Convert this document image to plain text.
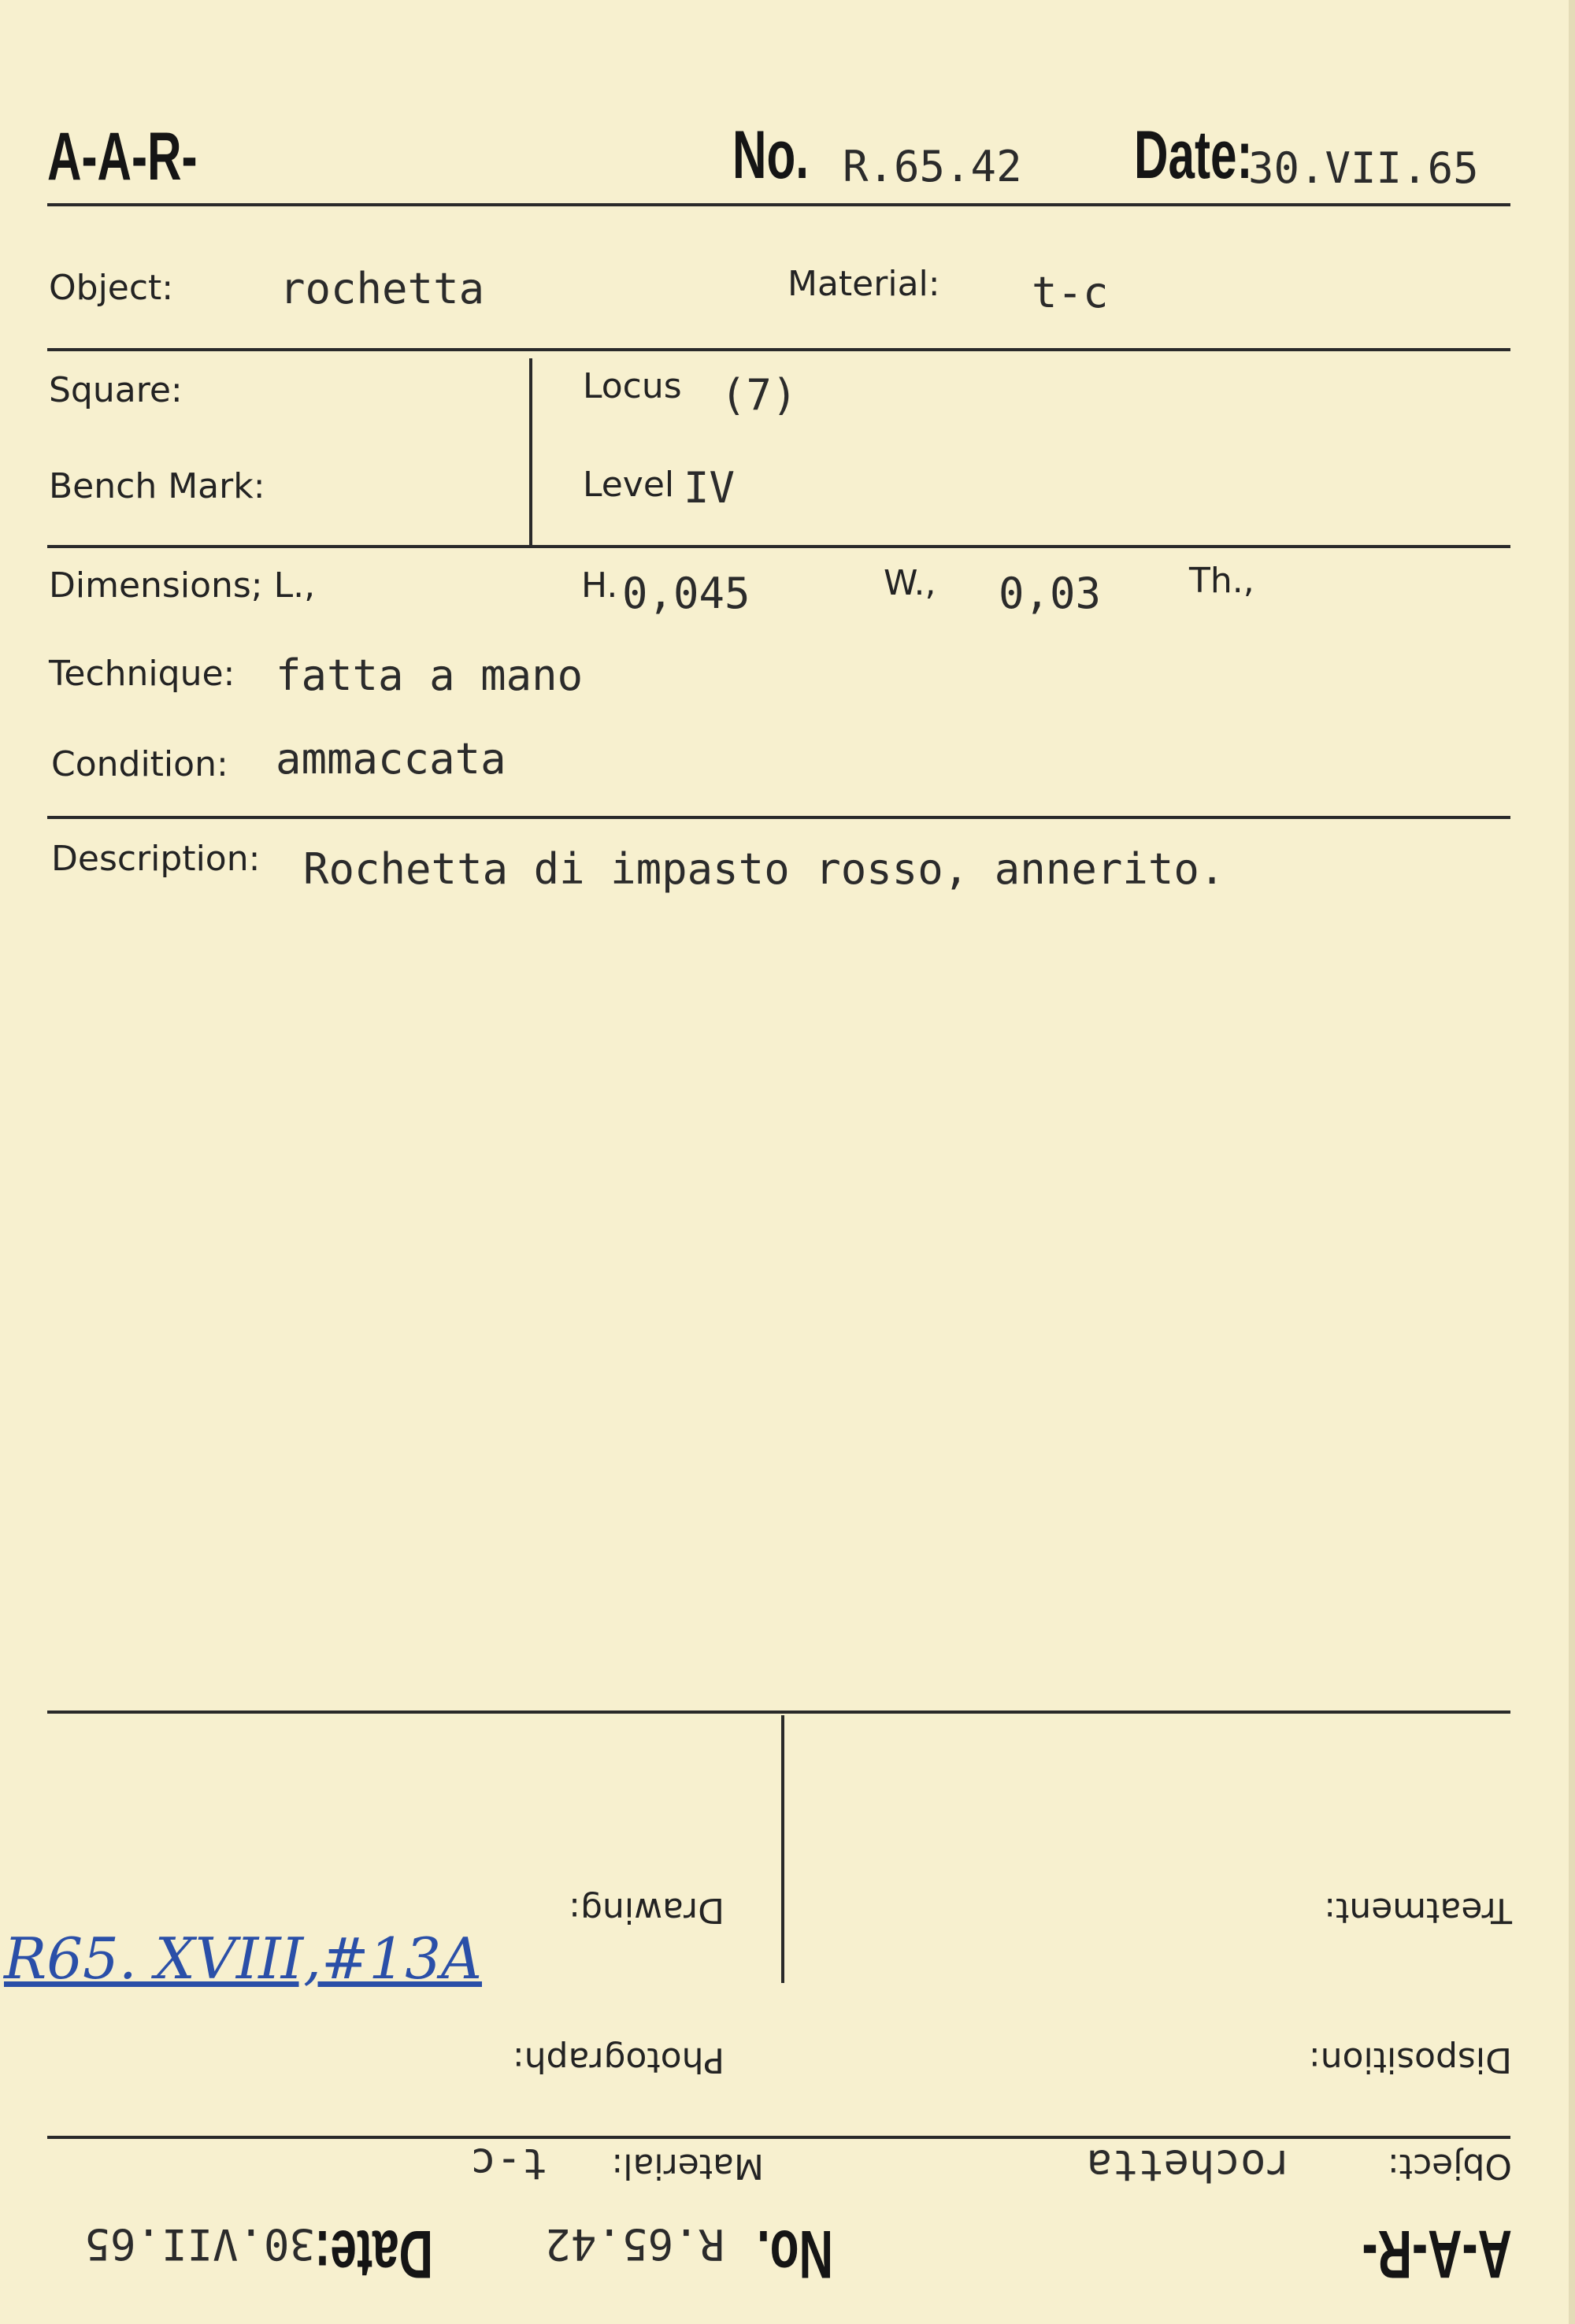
A-A-R-	No. R.65.42 Date:
30.VII.65
Object: rochetta	Material: t-c
Square:
Bench Mark:
Locus (7)
Level IV
Dimensions; L.,	H. 0,045	W., 0,03	Th.,
Technique: fatta a mano
Condition: ammaccata
Description: Rochetta di impasto rosso, annerito.
Treatment:
Drawing:
Disposition:
Photograph:
Object:
rochetta
Material:
t-c
A-A-R-
No.
R.65.42
Date:
30.VII.65
R65. XVIII,#13A
